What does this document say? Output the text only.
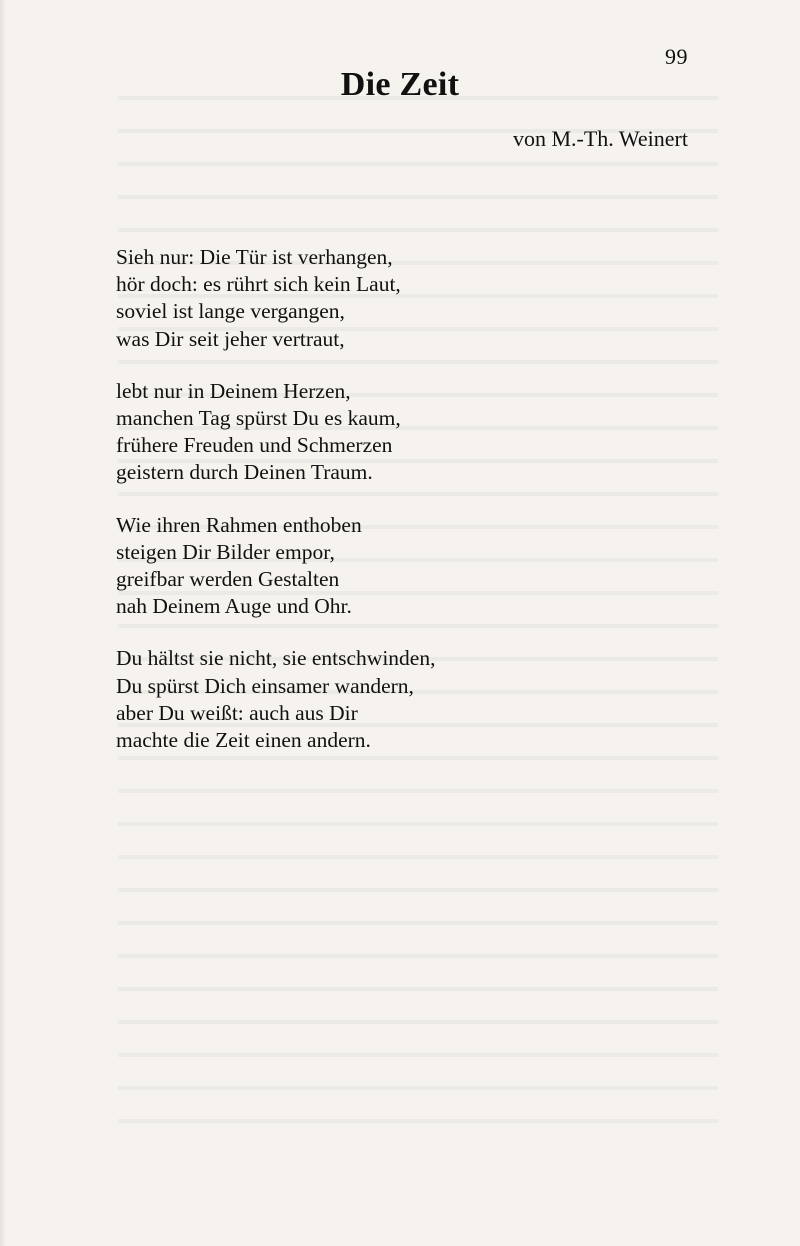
99
Die Zeit
von M.-Th. Weinert
Sieh nur: Die Tür ist verhangen,
hör doch: es rührt sich kein Laut,
soviel ist lange vergangen,
was Dir seit jeher vertraut,
lebt nur in Deinem Herzen,
manchen Tag spürst Du es kaum,
frühere Freuden und Schmerzen
geistern durch Deinen Traum.
Wie ihren Rahmen enthoben
steigen Dir Bilder empor,
greifbar werden Gestalten
nah Deinem Auge und Ohr.
Du hältst sie nicht, sie entschwinden,
Du spürst Dich einsamer wandern,
aber Du weißt: auch aus Dir
machte die Zeit einen andern.
